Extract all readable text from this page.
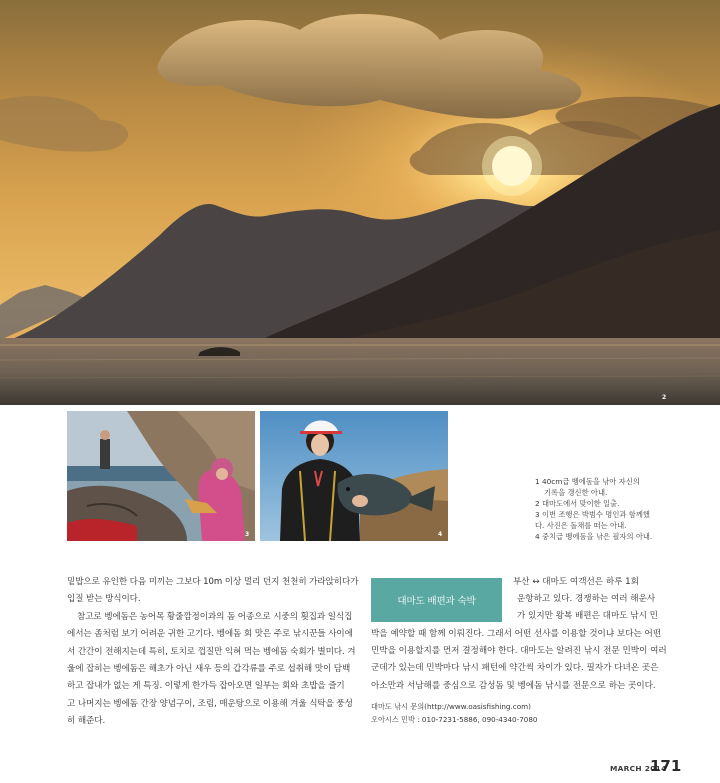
2
3	4
1 40cm급 벵에돔을 낚아 자신의
기록을 갱신한 아내.
2 대마도에서 맞이한 일출.
3 이번 조행은 박범수 명인과 함께했
다. 사진은 돌채를 떠는 아내.
4 중치급 벵에돔을 낚은 필자의 아내.

밑밥으로 유인한 다음 미끼는 그보다 10m 이상 멀리 던지 천천히 가라앉히다가

입질 받는 방식이다.

참고로 벵에돔은 농어목 황줄깜정이과의 돔 어종으로 시중의 횟집과 일식집

에서는 좀처럼 보기 어려운 귀한 고기다. 벵에돔 회 맛은 주로 낚시꾼들 사이에

서 간간이 전해지는데 특히, 토치로 껍질만 익혀 먹는 벵에돔 숙회가 별미다. 겨

울에 잡히는 벵에돔은 해초가 아닌 새우 등의 갑각류를 주로 섭취해 맛이 담백

하고 잡내가 없는 게 특징. 이렇게 한가득 잡아오면 일부는 회와 초밥을 즐기

고 나머지는 벵에돔 간장 양념구이, 조림, 매운탕으로 이용해 겨울 식탁을 풍성

히 해준다.

대마도 배편과 숙박
부산 ↔ 대마도 여객선은 하루 1회
운항하고 있다. 경쟁하는 여러 해운사
가 있지만 왕복 배편은 대마도 낚시 민
박을 예약할 때 함께 이뤄진다. 그래서 어떤 선사를 이용할 것이냐 보다는 어떤
민박을 이용할지를 먼저 결정해야 한다. 대마도는 알려진 낚시 전문 민박이 여러
군데가 있는데 민박마다 낚시 패턴에 약간씩 차이가 있다. 필자가 다녀온 곳은
아소만과 서남해를 중심으로 감성돔 및 벵에돔 낚시를 전문으로 하는 곳이다.
대마도 낚시 문의(http://www.oasisfishing.com)
오아시스 민박 : 010-7231-5886, 090-4340-7080
MARCH 2014
171
